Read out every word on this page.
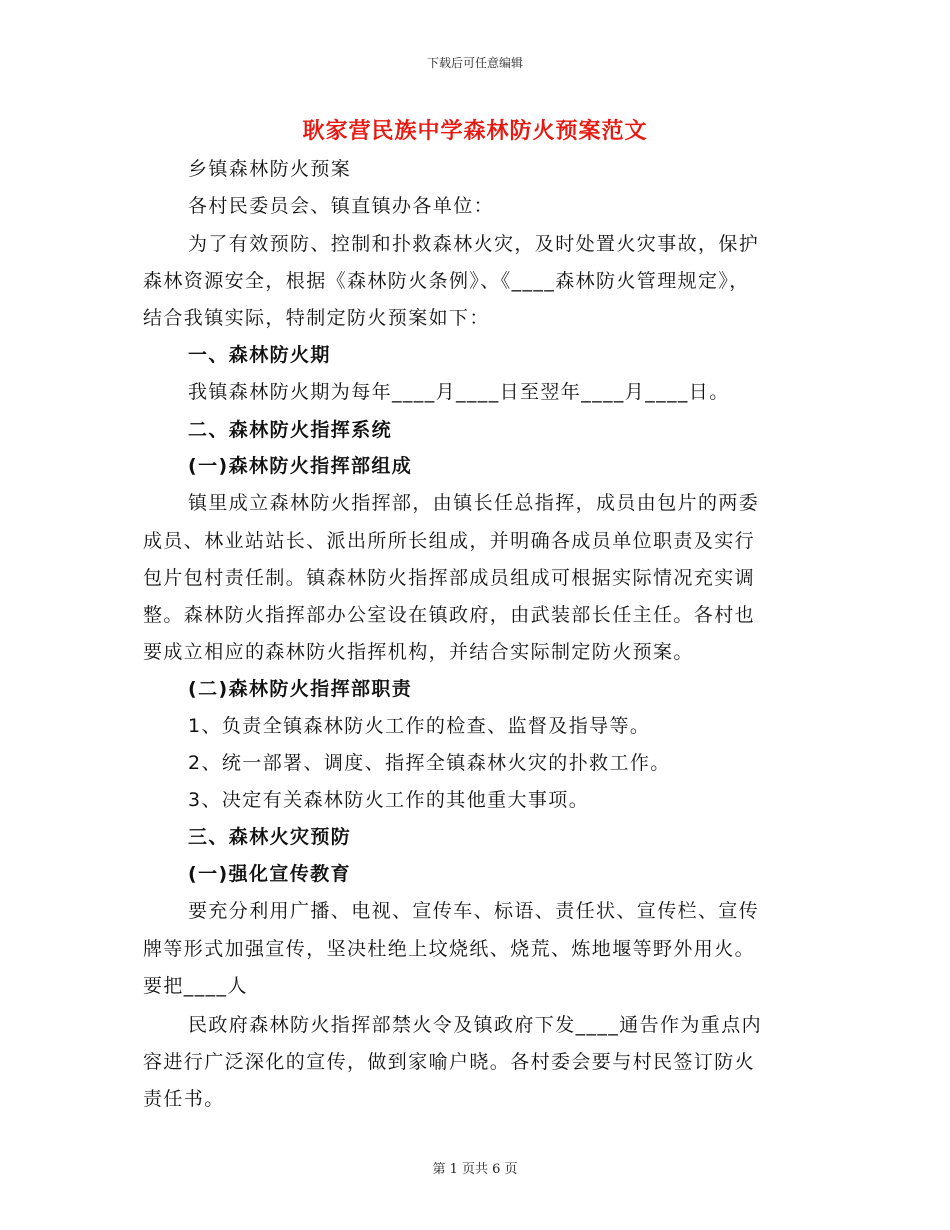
下载后可任意编辑
耿家营民族中学森林防火预案范文
乡镇森林防火预案
各村民委员会、镇直镇办各单位：
为了有效预防、控制和扑救森林火灾，及时处置火灾事故，保护
森林资源安全，根据《森林防火条例》、《____森林防火管理规定》，
结合我镇实际，特制定防火预案如下：
一、森林防火期
我镇森林防火期为每年____月____日至翌年____月____日。
二、森林防火指挥系统
(一)森林防火指挥部组成
镇里成立森林防火指挥部，由镇长任总指挥，成员由包片的两委
成员、林业站站长、派出所所长组成，并明确各成员单位职责及实行
包片包村责任制。镇森林防火指挥部成员组成可根据实际情况充实调
整。森林防火指挥部办公室设在镇政府，由武装部长任主任。各村也
要成立相应的森林防火指挥机构，并结合实际制定防火预案。
(二)森林防火指挥部职责
1、负责全镇森林防火工作的检查、监督及指导等。
2、统一部署、调度、指挥全镇森林火灾的扑救工作。
3、决定有关森林防火工作的其他重大事项。
三、森林火灾预防
(一)强化宣传教育
要充分利用广播、电视、宣传车、标语、责任状、宣传栏、宣传
牌等形式加强宣传，坚决杜绝上坟烧纸、烧荒、炼地堰等野外用火。
要把____人
民政府森林防火指挥部禁火令及镇政府下发____通告作为重点内
容进行广泛深化的宣传，做到家喻户晓。各村委会要与村民签订防火
责任书。
第 1 页共 6 页
